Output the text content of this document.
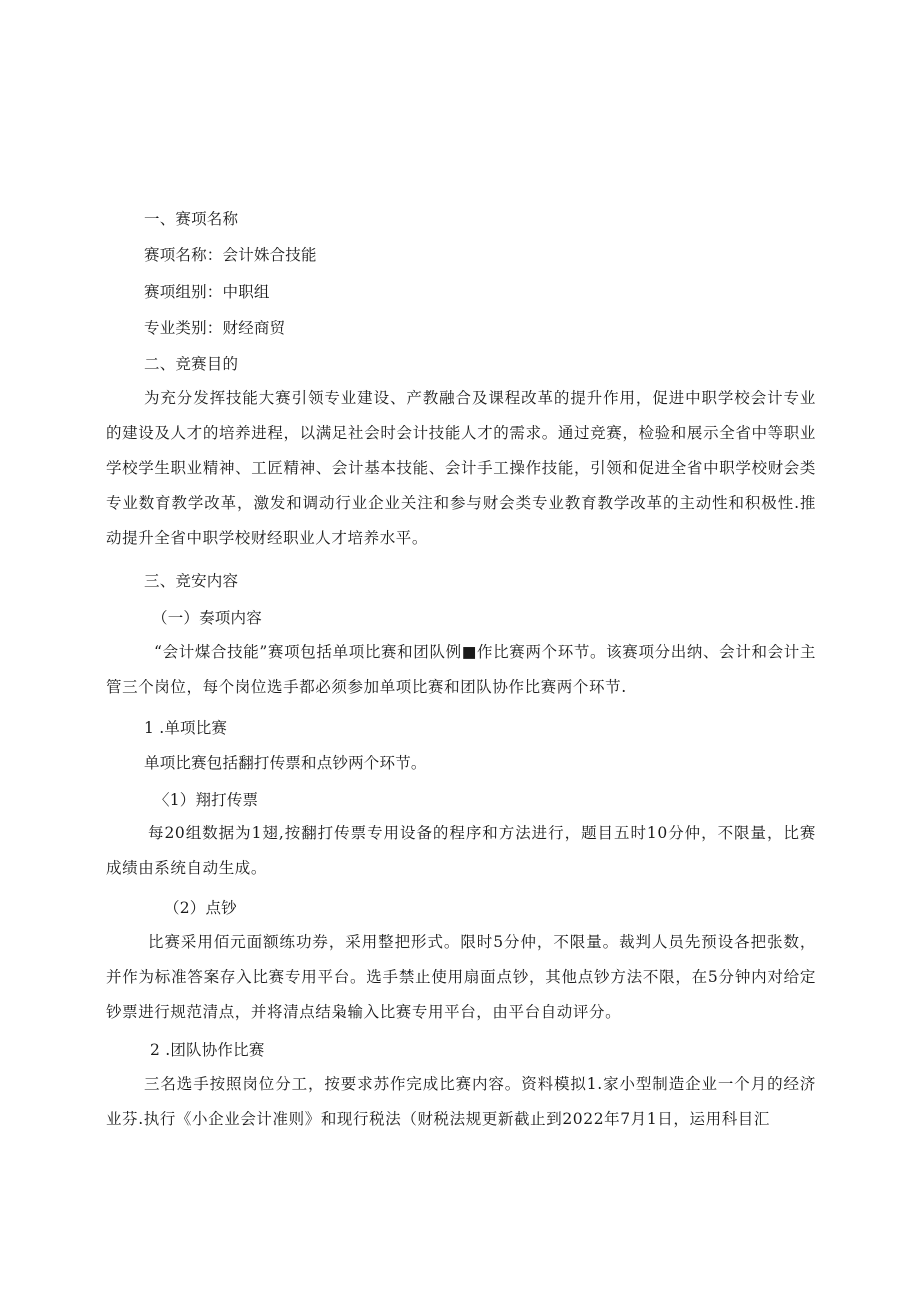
一、赛项名称
赛项名称：会计姝合技能
赛项组别：中职组
专业类别：财经商贸
二、竞赛目的
为充分发挥技能大赛引领专业建设、产教融合及课程改革的提升作用，促进中职学校会计专业的建设及人才的培养进程，以满足社会时会计技能人才的需求。通过竞赛，检验和展示全省中等职业学校学生职业精神、工匠精神、会计基本技能、会计手工操作技能，引领和促进全省中职学校财会类专业数育教学改革，激发和调动行业企业关注和参与财会类专业教育教学改革的主动性和积极性.推动提升全省中职学校财经职业人才培养水平。
三、竞安内容
（一）奏项内容
“会计煤合技能”赛项包括单项比赛和团队例■作比赛两个环节。该赛项分出纳、会计和会计主管三个岗位，每个岗位选手都必须参加单项比赛和团队协作比赛两个环节.
1 .单项比赛
单项比赛包括翻打传票和点钞两个环节。
〈1）翔打传票
每20组数据为1翅,按翻打传票专用设备的程序和方法进行，题目五时10分仲，不限量，比赛成绩由系统自动生成。
（2）点钞
比赛采用佰元面额练功券，采用整把形式。限时5分仲，不限量。裁判人员先预设各把张数，并作为标准答案存入比赛专用平台。选手禁止使用扇面点钞，其他点钞方法不限，在5分钟内对给定钞票进行规范清点，并将清点结枭输入比赛专用平台，由平台自动评分。
2 .团队协作比赛
三名选手按照岗位分工，按要求苏作完成比赛内容。资料模拟1.家小型制造企业一个月的经济业芬.执行《小企业会计准则》和现行税法（财税法规更新截止到2022年7月1日，运用科目汇
